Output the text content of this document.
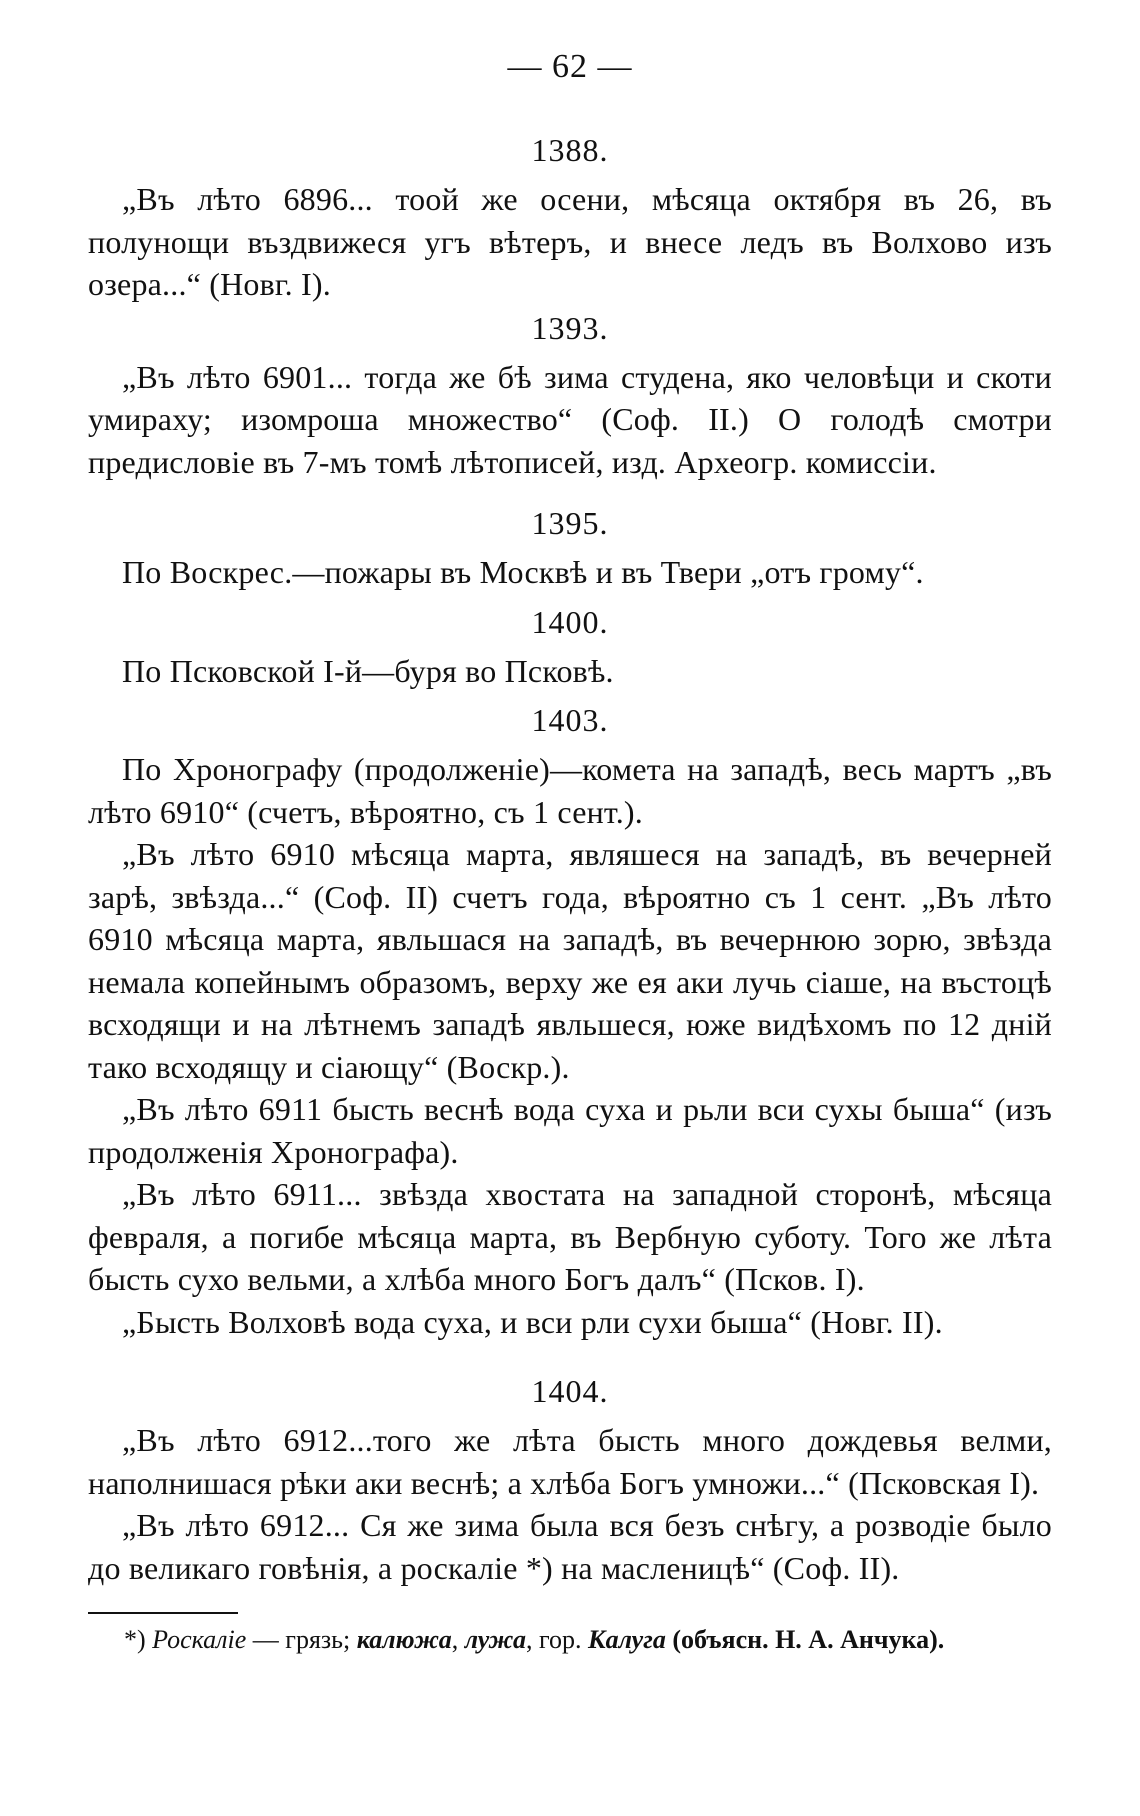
— 62 —
1388.
„Въ лѣто 6896... тоой же осени, мѣсяца октября въ 26, въ полунощи въздвижеся угъ вѣтеръ, и внесе ледъ въ Волхово изъ озера...“ (Новг. I).
1393.
„Въ лѣто 6901... тогда же бѣ зима студена, яко человѣци и скоти умираху; изомроша множество“ (Соф. II.) О голодѣ смотри предисловіе въ 7-мъ томѣ лѣтописей, изд. Археогр. комиссіи.
1395.
По Воскрес.—пожары въ Москвѣ и въ Твери „отъ грому“.
1400.
По Псковской I-й—буря во Псковѣ.
1403.
По Хронографу (продолженіе)—комета на западѣ, весь мартъ „въ лѣто 6910“ (счетъ, вѣроятно, съ 1 сент.).
„Въ лѣто 6910 мѣсяца марта, являшеся на западѣ, въ вечерней зарѣ, звѣзда...“ (Соф. II) счетъ года, вѣроятно съ 1 сент. „Въ лѣто 6910 мѣсяца марта, явльшася на западѣ, въ вечернюю зорю, звѣзда немала копейнымъ образомъ, верху же ея аки лучь сіаше, на въстоцѣ всходящи и на лѣтнемъ западѣ явльшеся, юже видѣхомъ по 12 дній тако всходящу и сіающу“ (Воскр.).
„Въ лѣто 6911 бысть веснѣ вода суха и рьли вси сухы быша“ (изъ продолженія Хронографа).
„Въ лѣто 6911... звѣзда хвостата на западной сторонѣ, мѣсяца февраля, а погибе мѣсяца марта, въ Вербную суботу. Того же лѣта бысть сухо вельми, а хлѣба много Богъ далъ“ (Псков. I).
„Бысть Волховѣ вода суха, и вси рли сухи быша“ (Новг. II).
1404.
„Въ лѣто 6912...того же лѣта бысть много дождевья велми, наполнишася рѣки аки веснѣ; а хлѣба Богъ умножи...“ (Псковская I).
„Въ лѣто 6912... Ся же зима была вся безъ снѣгу, а розводіе было до великаго говѣнія, а роскаліе *) на масленицѣ“ (Соф. II).
*) Роскаліе — грязь; калюжа, лужа, гор. Калуга (объясн. Н. А. Анчука).
